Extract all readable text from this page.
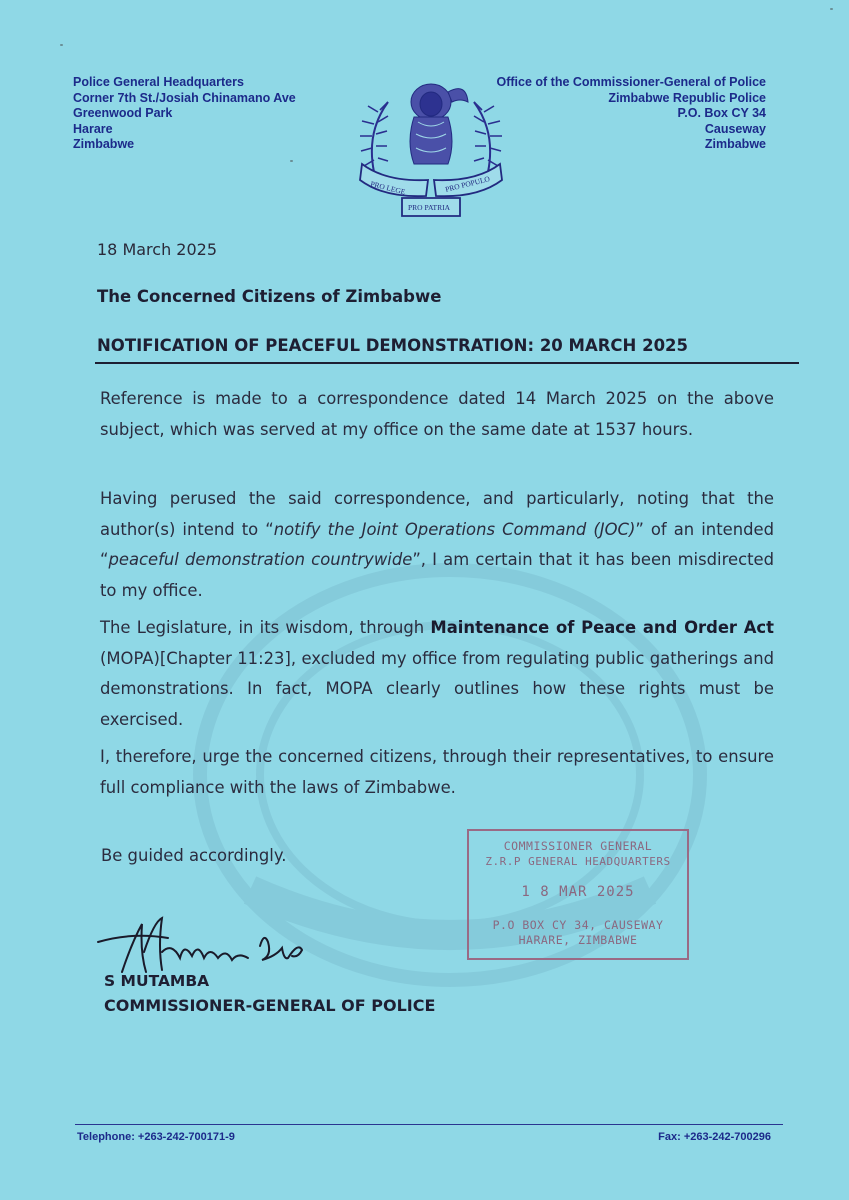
Police General Headquarters
Corner 7th St./Josiah Chinamano Ave
Greenwood Park
Harare
Zimbabwe
PRO LEGE	PRO POPULO
PRO PATRIA
Office of the Commissioner-General of Police
Zimbabwe Republic Police
P.O. Box CY 34
Causeway
Zimbabwe
18 March 2025
The Concerned Citizens of Zimbabwe
NOTIFICATION OF PEACEFUL DEMONSTRATION: 20 MARCH 2025

Reference is made to a correspondence dated 14 March 2025 on the above subject, which was served at my office on the same date at 1537 hours.

Having perused the said correspondence, and particularly, noting that the author(s) intend to “notify the Joint Operations Command (JOC)” of an intended “peaceful demonstration countrywide”, I am certain that it has been misdirected to my office.

The Legislature, in its wisdom, through Maintenance of Peace and Order Act (MOPA)[Chapter 11:23], excluded my office from regulating public gatherings and demonstrations. In fact, MOPA clearly outlines how these rights must be exercised.

I, therefore, urge the concerned citizens, through their representatives, to ensure full compliance with the laws of Zimbabwe.

Be guided accordingly.	COMMISSIONER GENERAL
Z.R.P GENERAL HEADQUARTERS
1 8 MAR 2025
P.O BOX CY 34, CAUSEWAY
HARARE, ZIMBABWE
S MUTAMBA
COMMISSIONER-GENERAL OF POLICE
Telephone: +263-242-700171-9	Fax: +263-242-700296
